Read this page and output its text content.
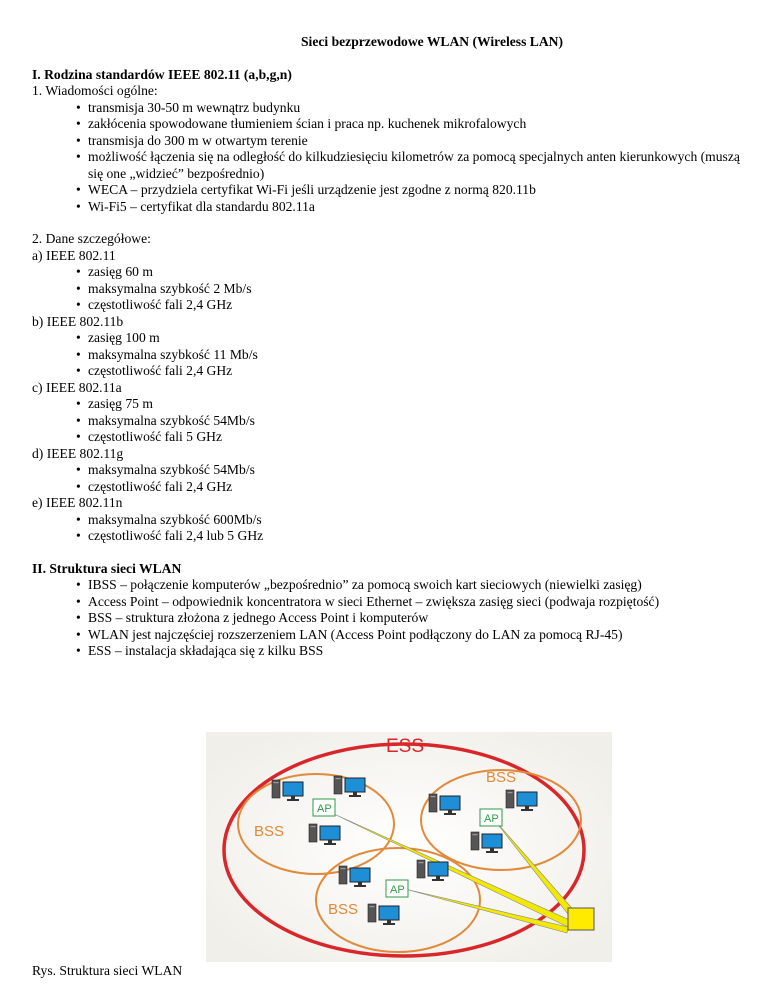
Sieci bezprzewodowe WLAN (Wireless LAN)

I. Rodzina standardów IEEE 802.11 (a,b,g,n)

1. Wiadomości ogólne:

• transmisja 30-50 m wewnątrz budynku
• zakłócenia spowodowane tłumieniem ścian i praca np. kuchenek mikrofalowych
• transmisja do 300 m w otwartym terenie
• możliwość łączenia się na odległość do kilkudziesięciu kilometrów za pomocą specjalnych anten kierunkowych (muszą się one „widzieć” bezpośrednio)
• WECA – przydziela certyfikat Wi-Fi jeśli urządzenie jest zgodne z normą 820.11b
• Wi-Fi5 – certyfikat dla standardu 802.11a

2. Dane szczegółowe:

a) IEEE 802.11

• zasięg 60 m
• maksymalna szybkość 2 Mb/s
• częstotliwość fali 2,4 GHz

b) IEEE 802.11b

• zasięg 100 m
• maksymalna szybkość 11 Mb/s
• częstotliwość fali 2,4 GHz

c) IEEE 802.11a

• zasięg 75 m
• maksymalna szybkość 54Mb/s
• częstotliwość fali 5 GHz

d) IEEE 802.11g

• maksymalna szybkość 54Mb/s
• częstotliwość fali 2,4 GHz

e) IEEE 802.11n

• maksymalna szybkość 600Mb/s
• częstotliwość fali 2,4 lub 5 GHz

II. Struktura sieci WLAN

• IBSS – połączenie komputerów „bezpośrednio” za pomocą swoich kart sieciowych (niewielki zasięg)
• Access Point – odpowiednik koncentratora w sieci Ethernet – zwiększa zasięg sieci (podwaja rozpiętość)
• BSS – struktura złożona z jednego Access Point i komputerów
• WLAN jest najczęściej rozszerzeniem LAN (Access Point podłączony do LAN za pomocą RJ-45)
• ESS – instalacja składająca się z kilku BSS
ESS
BSS
BSS
BSS
AP
AP
AP

Rys. Struktura sieci WLAN
